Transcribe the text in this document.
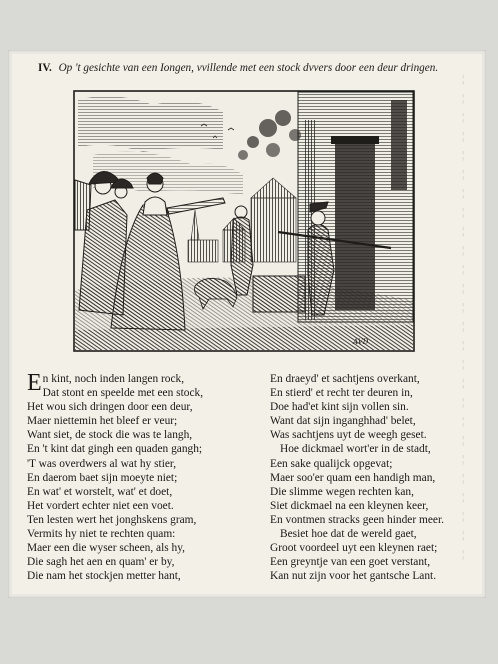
¦
¦
¦
¦
¦
¦
¦
¦
¦
¦
¦
¦
¦
¦
¦
¦
¦
¦
¦
¦
¦
¦
¦
¦
¦
¦
IV. Op 't gesichte van een Iongen, vvillende met een stock dvvers door een deur dringen.
AVD
En kint, noch inden langen rock,
Dat stont en speelde met een stock,
Het wou sich dringen door een deur,
Maer niettemin het bleef er veur;
Want siet, de stock die was te langh,
En 't kint dat gingh een quaden gangh;
'T was overdwers al wat hy stier,
En daerom baet sijn moeyte niet;
En wat' et worstelt, wat' et doet,
Het vordert echter niet een voet.
Ten lesten wert het jonghskens gram,
Vermits hy niet te rechten quam:
Maer een die wyser scheen, als hy,
Die sagh het aen en quam' er by,
Die nam het stockjen metter hant,
En draeyd' et sachtjens overkant,
En stierd' et recht ter deuren in,
Doe had'et kint sijn vollen sin.
Want dat sijn inganghhad' belet,
Was sachtjens uyt de weegh geset.
Hoe dickmael wort'er in de stadt,
Een sake qualijck opgevat;
Maer soo'er quam een handigh man,
Die slimme wegen rechten kan,
Siet dickmael na een kleynen keer,
En vontmen stracks geen hinder meer.
Besiet hoe dat de wereld gaet,
Groot voordeel uyt een kleynen raet;
Een greyntje van een goet verstant,
Kan nut zijn voor het gantsche Lant.
